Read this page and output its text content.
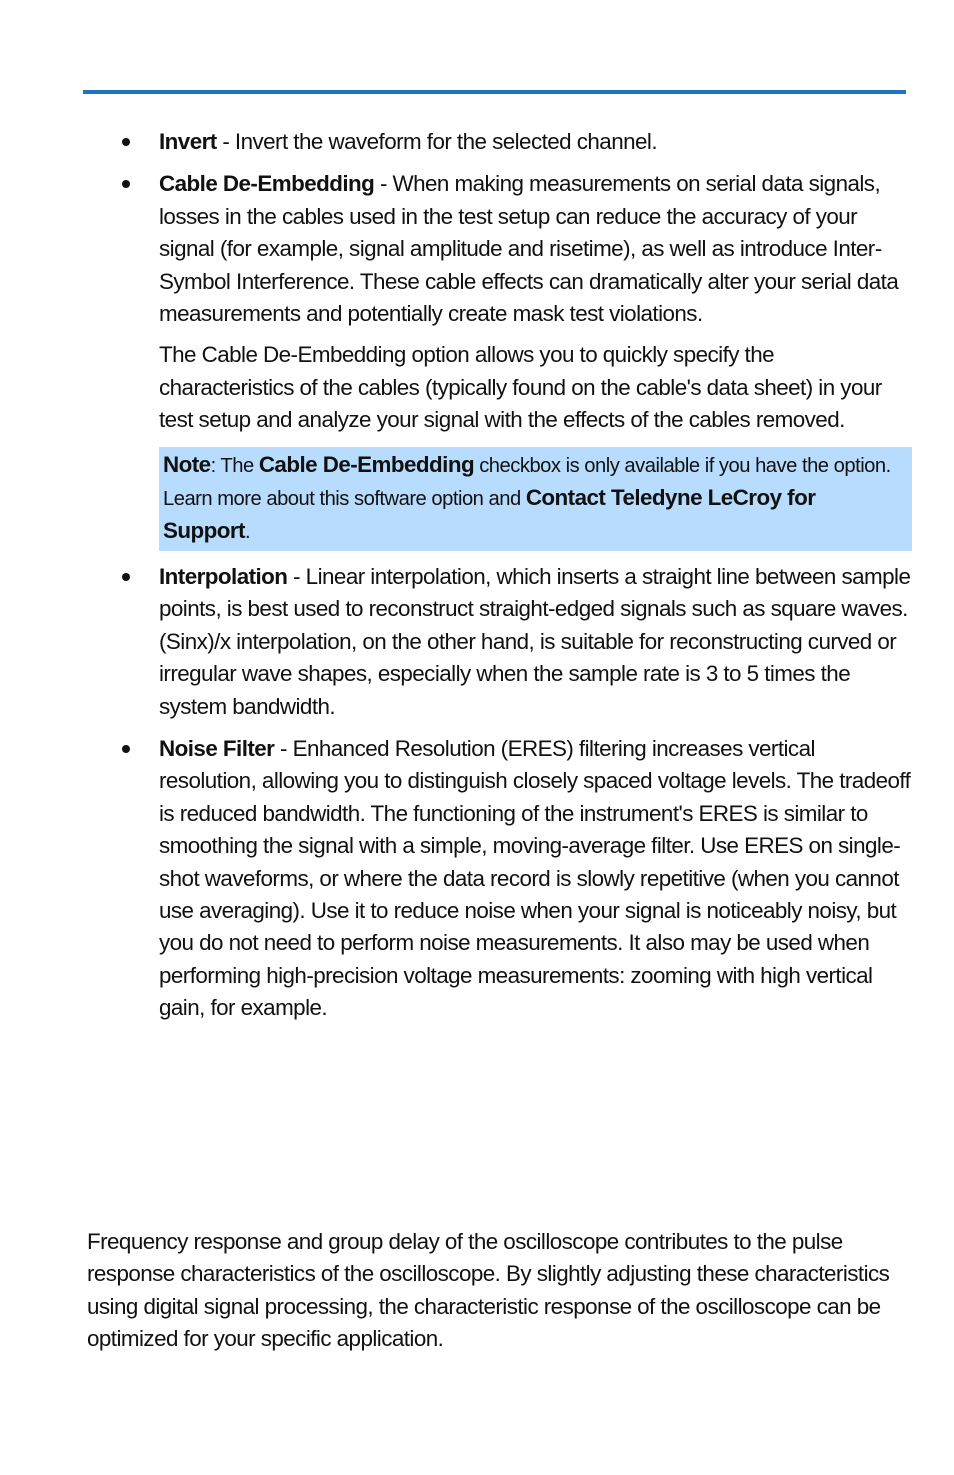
Invert - Invert the waveform for the selected channel.

Cable De-Embedding - When making measurements on serial data signals, losses in the cables used in the test setup can reduce the accuracy of your signal (for example, signal amplitude and risetime), as well as introduce Inter-Symbol Interference. These cable effects can dramatically alter your serial data measurements and potentially create mask test violations.

The Cable De-Embedding option allows you to quickly specify the characteristics of the cables (typically found on the cable's data sheet) in your test setup and analyze your signal with the effects of the cables removed.

Note: The Cable De-Embedding checkbox is only available if you have the option. Learn more about this software option and Contact Teledyne LeCroy for Support.

Interpolation - Linear interpolation, which inserts a straight line between sample points, is best used to reconstruct straight-edged signals such as square waves. (Sinx)/x interpolation, on the other hand, is suitable for reconstructing curved or irregular wave shapes, especially when the sample rate is 3 to 5 times the system bandwidth.

Noise Filter - Enhanced Resolution (ERES) filtering increases vertical resolution, allowing you to distinguish closely spaced voltage levels. The tradeoff is reduced bandwidth. The functioning of the instrument's ERES is similar to smoothing the signal with a simple, moving-average filter. Use ERES on single-shot waveforms, or where the data record is slowly repetitive (when you cannot use averaging). Use it to reduce noise when your signal is noticeably noisy, but you do not need to perform noise measurements. It also may be used when performing high-precision voltage measurements: zooming with high vertical gain, for example.

Frequency response and group delay of the oscilloscope contributes to the pulse response characteristics of the oscilloscope. By slightly adjusting these characteristics using digital signal processing, the characteristic response of the oscilloscope can be optimized for your specific application.
